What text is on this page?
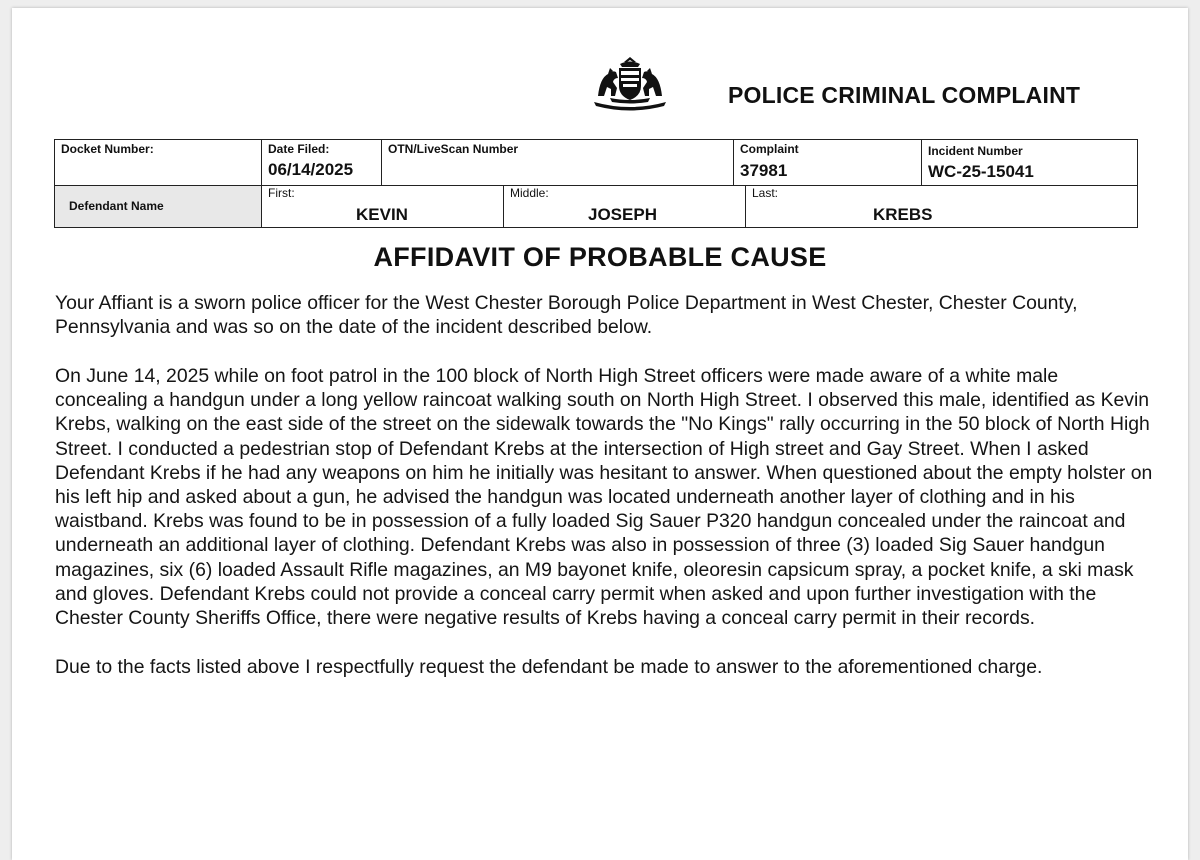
POLICE CRIMINAL COMPLAINT
Docket Number:	Date Filed:
06/14/2025
OTN/LiveScan Number	Complaint
37981
Incident Number
WC-25-15041
Defendant Name
First:
KEVIN
Middle:
JOSEPH
Last:
KREBS
AFFIDAVIT OF PROBABLE CAUSE

Your Affiant is a sworn police officer for the West Chester Borough Police Department in West Chester, Chester County, Pennsylvania and was so on the date of the incident described below.

On June 14, 2025 while on foot patrol in the 100 block of North High Street officers were made aware of a white male concealing a handgun under a long yellow raincoat walking south on North High Street. I observed this male, identified as Kevin Krebs, walking on the east side of the street on the sidewalk towards the "No Kings" rally occurring in the 50 block of North High Street. I conducted a pedestrian stop of Defendant Krebs at the intersection of High street and Gay Street. When I asked Defendant Krebs if he had any weapons on him he initially was hesitant to answer. When questioned about the empty holster on his left hip and asked about a gun, he advised the handgun was located underneath another layer of clothing and in his waistband. Krebs was found to be in possession of a fully loaded Sig Sauer P320 handgun concealed under the raincoat and underneath an additional layer of clothing. Defendant Krebs was also in possession of three (3) loaded Sig Sauer handgun magazines, six (6) loaded Assault Rifle magazines, an M9 bayonet knife, oleoresin capsicum spray, a pocket knife, a ski mask and gloves. Defendant Krebs could not provide a conceal carry permit when asked and upon further investigation with the Chester County Sheriffs Office, there were negative results of Krebs having a conceal carry permit in their records.

Due to the facts listed above I respectfully request the defendant be made to answer to the aforementioned charge.
